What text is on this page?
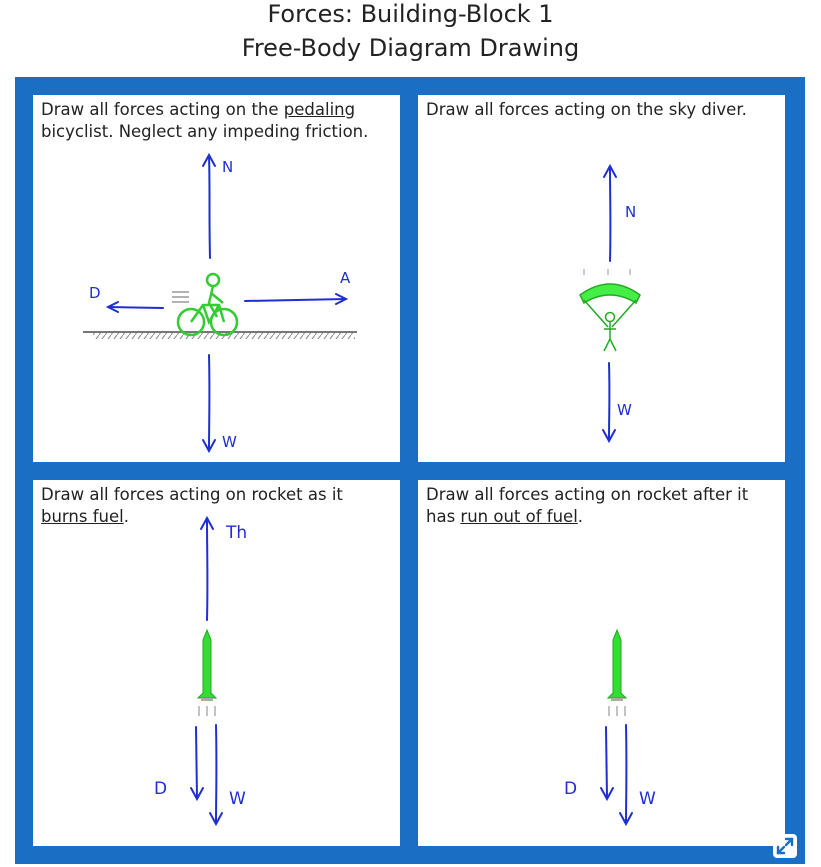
Forces: Building-Block 1
Free-Body Diagram Drawing
Draw all forces acting on the pedaling bicyclist. Neglect any impeding friction.
N
W
D
A
Draw all forces acting on the sky diver.
N
W
Draw all forces acting on rocket as it
burns fuel.
Th
D	W
Draw all forces acting on rocket after it has run out of fuel.
D	W
